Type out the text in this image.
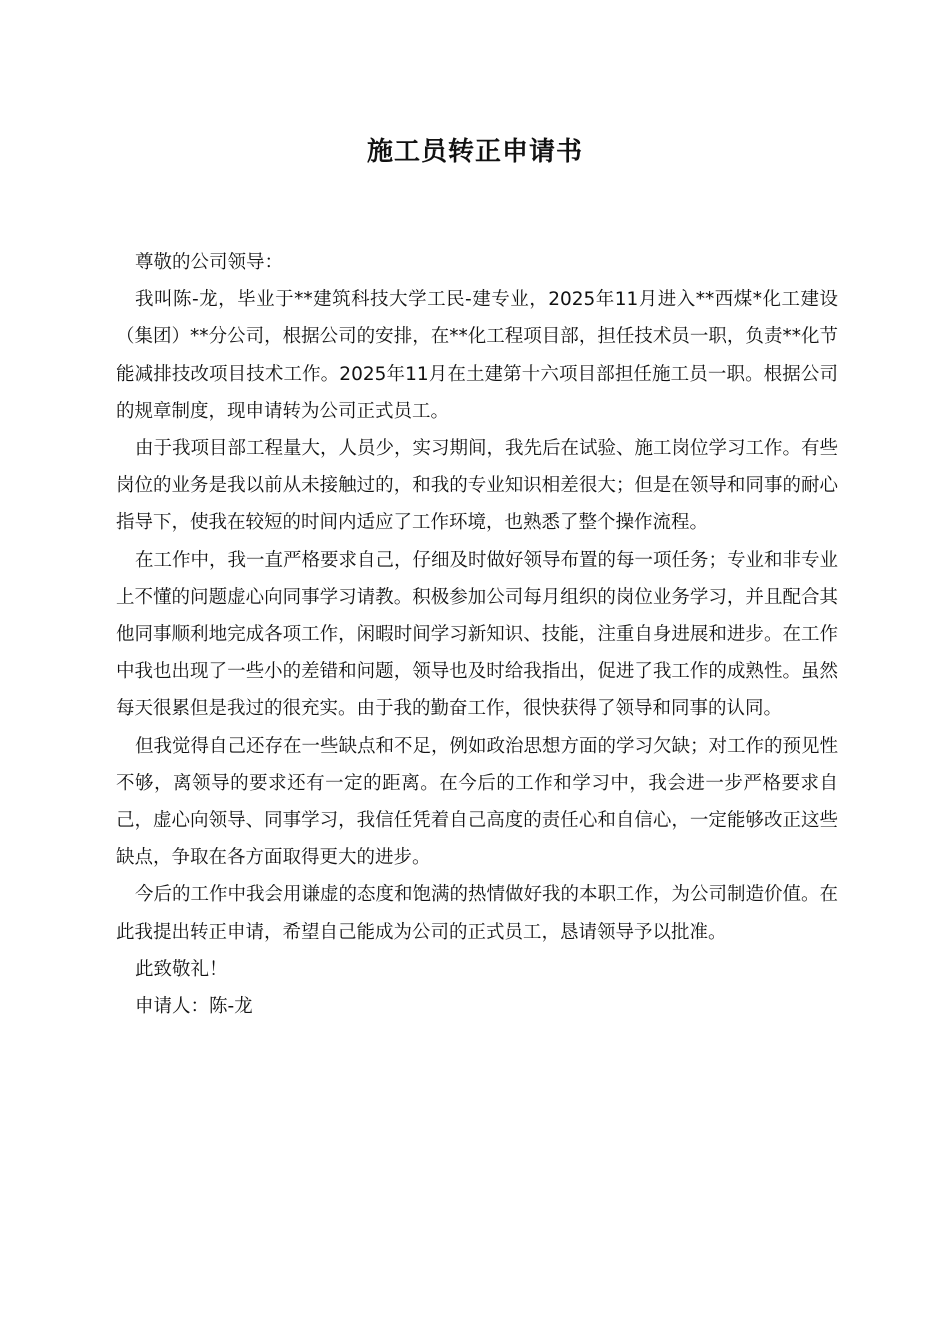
施工员转正申请书

尊敬的公司领导：

我叫陈-龙，毕业于**建筑科技大学工民-建专业，2025年11月进入**西煤*化工建设（集团）**分公司，根据公司的安排，在**化工程项目部，担任技术员一职，负责**化节能减排技改项目技术工作。2025年11月在土建第十六项目部担任施工员一职。根据公司的规章制度，现申请转为公司正式员工。

由于我项目部工程量大，人员少，实习期间，我先后在试验、施工岗位学习工作。有些岗位的业务是我以前从未接触过的，和我的专业知识相差很大；但是在领导和同事的耐心指导下，使我在较短的时间内适应了工作环境，也熟悉了整个操作流程。

在工作中，我一直严格要求自己，仔细及时做好领导布置的每一项任务；专业和非专业上不懂的问题虚心向同事学习请教。积极参加公司每月组织的岗位业务学习，并且配合其他同事顺利地完成各项工作，闲暇时间学习新知识、技能，注重自身进展和进步。在工作中我也出现了一些小的差错和问题，领导也及时给我指出，促进了我工作的成熟性。虽然每天很累但是我过的很充实。由于我的勤奋工作，很快获得了领导和同事的认同。

但我觉得自己还存在一些缺点和不足，例如政治思想方面的学习欠缺；对工作的预见性不够，离领导的要求还有一定的距离。在今后的工作和学习中，我会进一步严格要求自己，虚心向领导、同事学习，我信任凭着自己高度的责任心和自信心，一定能够改正这些缺点，争取在各方面取得更大的进步。

今后的工作中我会用谦虚的态度和饱满的热情做好我的本职工作，为公司制造价值。在此我提出转正申请，希望自己能成为公司的正式员工，恳请领导予以批准。

此致敬礼！

申请人：陈-龙
